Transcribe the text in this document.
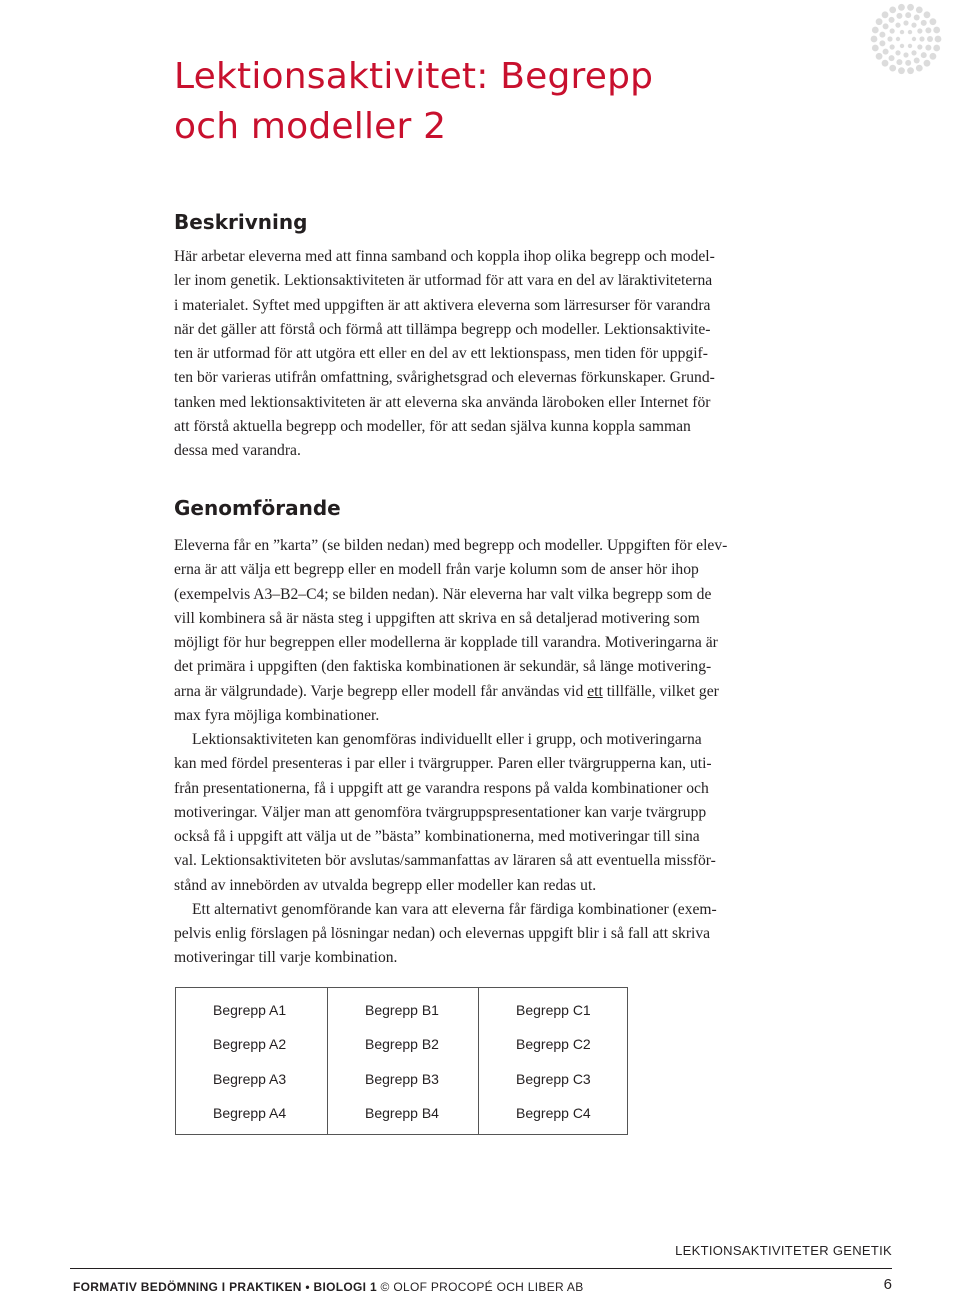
Lektionsaktivitet: Begrepp
och modeller 2
Beskrivning
Här arbetar eleverna med att finna samband och koppla ihop olika begrepp och model-
ler inom genetik. Lektionsaktiviteten är utformad för att vara en del av läraktiviteterna
i materialet. Syftet med uppgiften är att aktivera eleverna som lärresurser för varandra
när det gäller att förstå och förmå att tillämpa begrepp och modeller. Lektionsaktivite-
ten är utformad för att utgöra ett eller en del av ett lektionspass, men tiden för uppgif-
ten bör varieras utifrån omfattning, svårighetsgrad och elevernas förkunskaper. Grund-
tanken med lektionsaktiviteten är att eleverna ska använda läroboken eller Internet för
att förstå aktuella begrepp och modeller, för att sedan själva kunna koppla samman
dessa med varandra.
Genomförande
Eleverna får en ”karta” (se bilden nedan) med begrepp och modeller. Uppgiften för elev-
erna är att välja ett begrepp eller en modell från varje kolumn som de anser hör ihop
(exempelvis A3–B2–C4; se bilden nedan). När eleverna har valt vilka begrepp som de
vill kombinera så är nästa steg i uppgiften att skriva en så detaljerad motivering som
möjligt för hur begreppen eller modellerna är kopplade till varandra. Motiveringarna är
det primära i uppgiften (den faktiska kombinationen är sekundär, så länge motivering-
arna är välgrundade). Varje begrepp eller modell får användas vid ett tillfälle, vilket ger
max fyra möjliga kombinationer.
Lektionsaktiviteten kan genomföras individuellt eller i grupp, och motiveringarna
kan med fördel presenteras i par eller i tvärgrupper. Paren eller tvärgrupperna kan, uti-
från presentationerna, få i uppgift att ge varandra respons på valda kombinationer och
motiveringar. Väljer man att genomföra tvärgruppspresentationer kan varje tvärgrupp
också få i uppgift att välja ut de ”bästa” kombinationerna, med motiveringar till sina
val. Lektionsaktiviteten bör avslutas/sammanfattas av läraren så att eventuella missför-
stånd av innebörden av utvalda begrepp eller modeller kan redas ut.
Ett alternativt genomförande kan vara att eleverna får färdiga kombinationer (exem-
pelvis enlig förslagen på lösningar nedan) och elevernas uppgift blir i så fall att skriva
motiveringar till varje kombination.
Begrepp A1
Begrepp A2
Begrepp A3
Begrepp A4
Begrepp B1
Begrepp B2
Begrepp B3
Begrepp B4
Begrepp C1
Begrepp C2
Begrepp C3
Begrepp C4
LEKTIONSAKTIVITETER GENETIK
FORMATIV BEDÖMNING I PRAKTIKEN • BIOLOGI 1 © OLOF PROCOPÉ OCH LIBER AB	6
